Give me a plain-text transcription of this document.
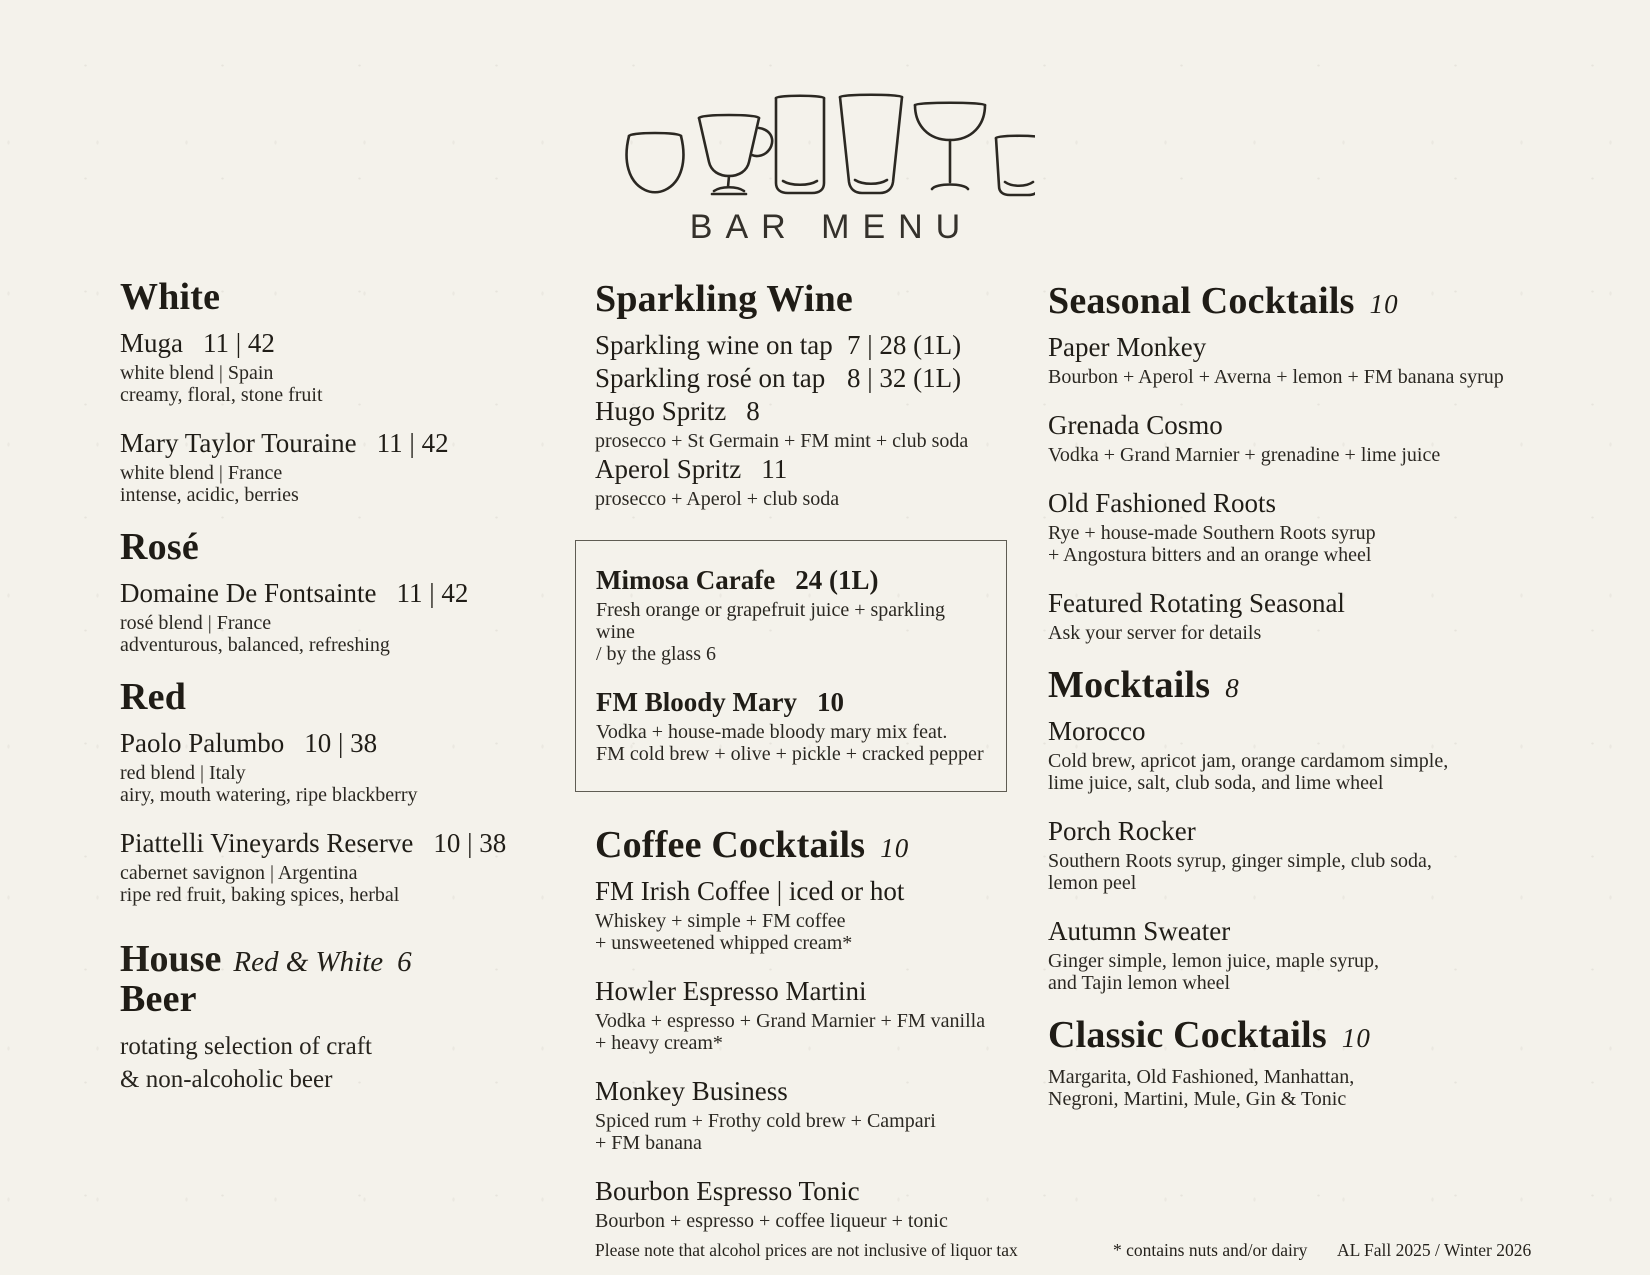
BAR MENU
White
Muga 11 | 42
white blend | Spain
creamy, floral, stone fruit
Mary Taylor Touraine 11 | 42
white blend | France
intense, acidic, berries
Rosé
Domaine De Fontsainte 11 | 42
rosé blend | France
adventurous, balanced, refreshing
Red
Paolo Palumbo 10 | 38
red blend | Italy
airy, mouth watering, ripe blackberry
Piattelli Vineyards Reserve 10 | 38
cabernet savignon | Argentina
ripe red fruit, baking spices, herbal
House Red & White 6
Beer
rotating selection of craft
& non-alcoholic beer
Sparkling Wine
Sparkling wine on tap 7 | 28 (1L)
Sparkling rosé on tap 8 | 32 (1L)
Hugo Spritz 8
prosecco + St Germain + FM mint + club soda
Aperol Spritz 11
prosecco + Aperol + club soda
Mimosa Carafe 24 (1L)
Fresh orange or grapefruit juice + sparkling wine
/ by the glass 6
FM Bloody Mary 10
Vodka + house-made bloody mary mix feat.
FM cold brew + olive + pickle + cracked pepper
Coffee Cocktails 10
FM Irish Coffee | iced or hot
Whiskey + simple + FM coffee
+ unsweetened whipped cream*
Howler Espresso Martini
Vodka + espresso + Grand Marnier + FM vanilla
+ heavy cream*
Monkey Business
Spiced rum + Frothy cold brew + Campari
+ FM banana
Bourbon Espresso Tonic
Bourbon + espresso + coffee liqueur + tonic
Seasonal Cocktails 10
Paper Monkey
Bourbon + Aperol + Averna + lemon + FM banana syrup
Grenada Cosmo
Vodka + Grand Marnier + grenadine + lime juice
Old Fashioned Roots
Rye + house-made Southern Roots syrup
+ Angostura bitters and an orange wheel
Featured Rotating Seasonal
Ask your server for details
Mocktails 8
Morocco
Cold brew, apricot jam, orange cardamom simple,
lime juice, salt, club soda, and lime wheel
Porch Rocker
Southern Roots syrup, ginger simple, club soda,
lemon peel
Autumn Sweater
Ginger simple, lemon juice, maple syrup,
and Tajin lemon wheel
Classic Cocktails 10
Margarita, Old Fashioned, Manhattan,
Negroni, Martini, Mule, Gin & Tonic
Please note that alcohol prices are not inclusive of liquor tax	* contains nuts and/or dairy AL Fall 2025 / Winter 2026
